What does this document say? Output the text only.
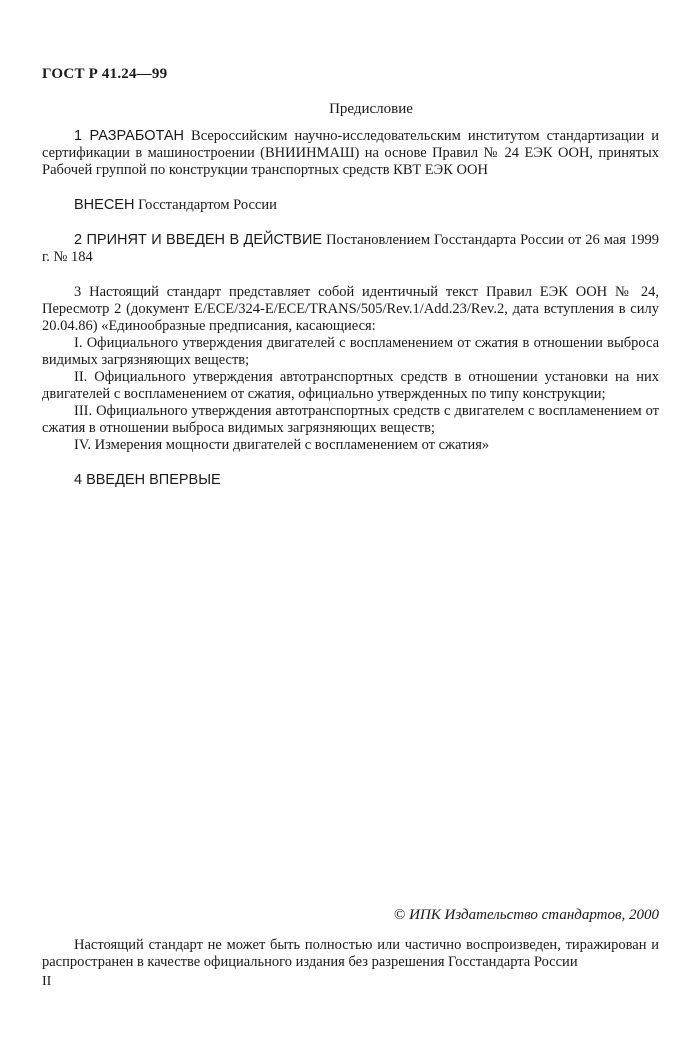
ГОСТ Р 41.24—99
Предисловие

1 РАЗРАБОТАН Всероссийским научно-исследовательским институтом стандартизации и сертификации в машиностроении (ВНИИНМАШ) на основе Правил № 24 ЕЭК ООН, принятых Рабочей группой по конструкции транспортных средств КВТ ЕЭК ООН

ВНЕСЕН Госстандартом России

2 ПРИНЯТ И ВВЕДЕН В ДЕЙСТВИЕ Постановлением Госстандарта России от 26 мая 1999 г. № 184

3 Настоящий стандарт представляет собой идентичный текст Правил ЕЭК ООН № 24, Пересмотр 2 (документ E/ECE/324-E/ECE/TRANS/505/Rev.1/Add.23/Rev.2, дата вступления в силу 20.04.86) «Единообразные предписания, касающиеся:

I. Официального утверждения двигателей с воспламенением от сжатия в отношении выброса видимых загрязняющих веществ;

II. Официального утверждения автотранспортных средств в отношении установки на них двигателей с воспламенением от сжатия, официально утвержденных по типу конструкции;

III. Официального утверждения автотранспортных средств с двигателем с воспламенением от сжатия в отношении выброса видимых загрязняющих веществ;

IV. Измерения мощности двигателей с воспламенением от сжатия»

4 ВВЕДЕН ВПЕРВЫЕ

© ИПК Издательство стандартов, 2000
Настоящий стандарт не может быть полностью или частично воспроизведен, тиражирован и распространен в качестве официального издания без разрешения Госстандарта России
II
